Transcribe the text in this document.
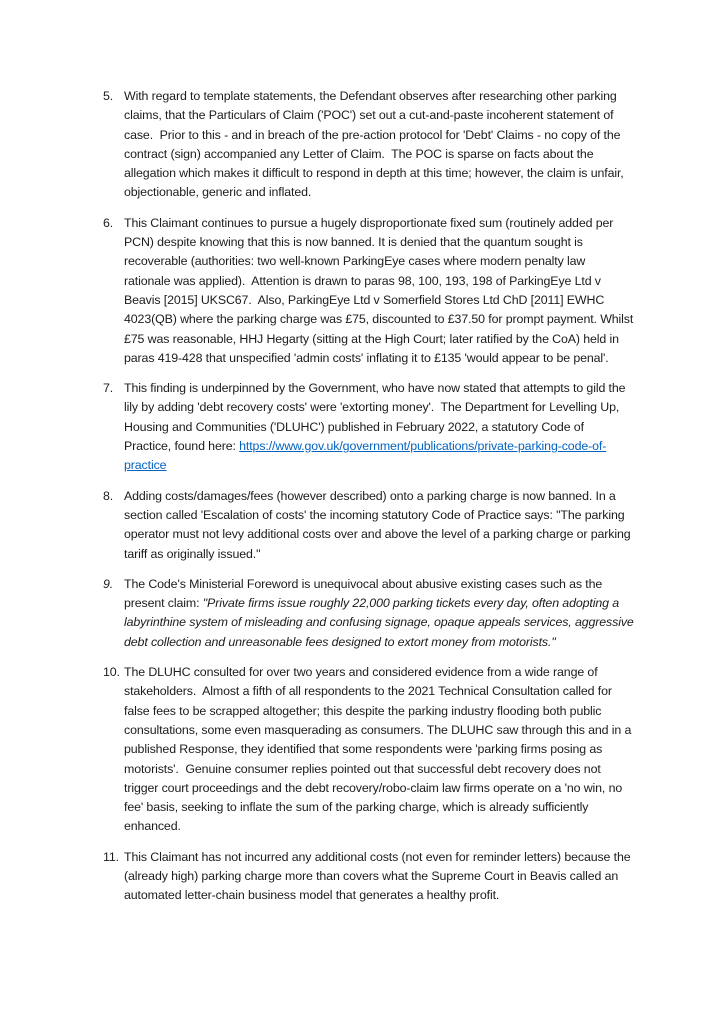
5. With regard to template statements, the Defendant observes after researching other parking claims, that the Particulars of Claim ('POC') set out a cut-and-paste incoherent statement of case.  Prior to this - and in breach of the pre-action protocol for 'Debt' Claims - no copy of the contract (sign) accompanied any Letter of Claim.  The POC is sparse on facts about the allegation which makes it difficult to respond in depth at this time; however, the claim is unfair, objectionable, generic and inflated.
6. This Claimant continues to pursue a hugely disproportionate fixed sum (routinely added per PCN) despite knowing that this is now banned. It is denied that the quantum sought is recoverable (authorities: two well-known ParkingEye cases where modern penalty law rationale was applied).  Attention is drawn to paras 98, 100, 193, 198 of ParkingEye Ltd v Beavis [2015] UKSC67.  Also, ParkingEye Ltd v Somerfield Stores Ltd ChD [2011] EWHC 4023(QB) where the parking charge was £75, discounted to £37.50 for prompt payment. Whilst £75 was reasonable, HHJ Hegarty (sitting at the High Court; later ratified by the CoA) held in paras 419-428 that unspecified 'admin costs' inflating it to £135 'would appear to be penal'.
7. This finding is underpinned by the Government, who have now stated that attempts to gild the lily by adding 'debt recovery costs' were 'extorting money'.  The Department for Levelling Up, Housing and Communities ('DLUHC') published in February 2022, a statutory Code of Practice, found here: https://www.gov.uk/government/publications/private-parking-code-of-practice
8. Adding costs/damages/fees (however described) onto a parking charge is now banned. In a section called 'Escalation of costs' the incoming statutory Code of Practice says: "The parking operator must not levy additional costs over and above the level of a parking charge or parking tariff as originally issued."
9. The Code's Ministerial Foreword is unequivocal about abusive existing cases such as the present claim: "Private firms issue roughly 22,000 parking tickets every day, often adopting a labyrinthine system of misleading and confusing signage, opaque appeals services, aggressive debt collection and unreasonable fees designed to extort money from motorists."
10. The DLUHC consulted for over two years and considered evidence from a wide range of stakeholders.  Almost a fifth of all respondents to the 2021 Technical Consultation called for false fees to be scrapped altogether; this despite the parking industry flooding both public consultations, some even masquerading as consumers. The DLUHC saw through this and in a published Response, they identified that some respondents were 'parking firms posing as motorists'.  Genuine consumer replies pointed out that successful debt recovery does not trigger court proceedings and the debt recovery/robo-claim law firms operate on a 'no win, no fee' basis, seeking to inflate the sum of the parking charge, which is already sufficiently enhanced.
11. This Claimant has not incurred any additional costs (not even for reminder letters) because the (already high) parking charge more than covers what the Supreme Court in Beavis called an automated letter-chain business model that generates a healthy profit.
